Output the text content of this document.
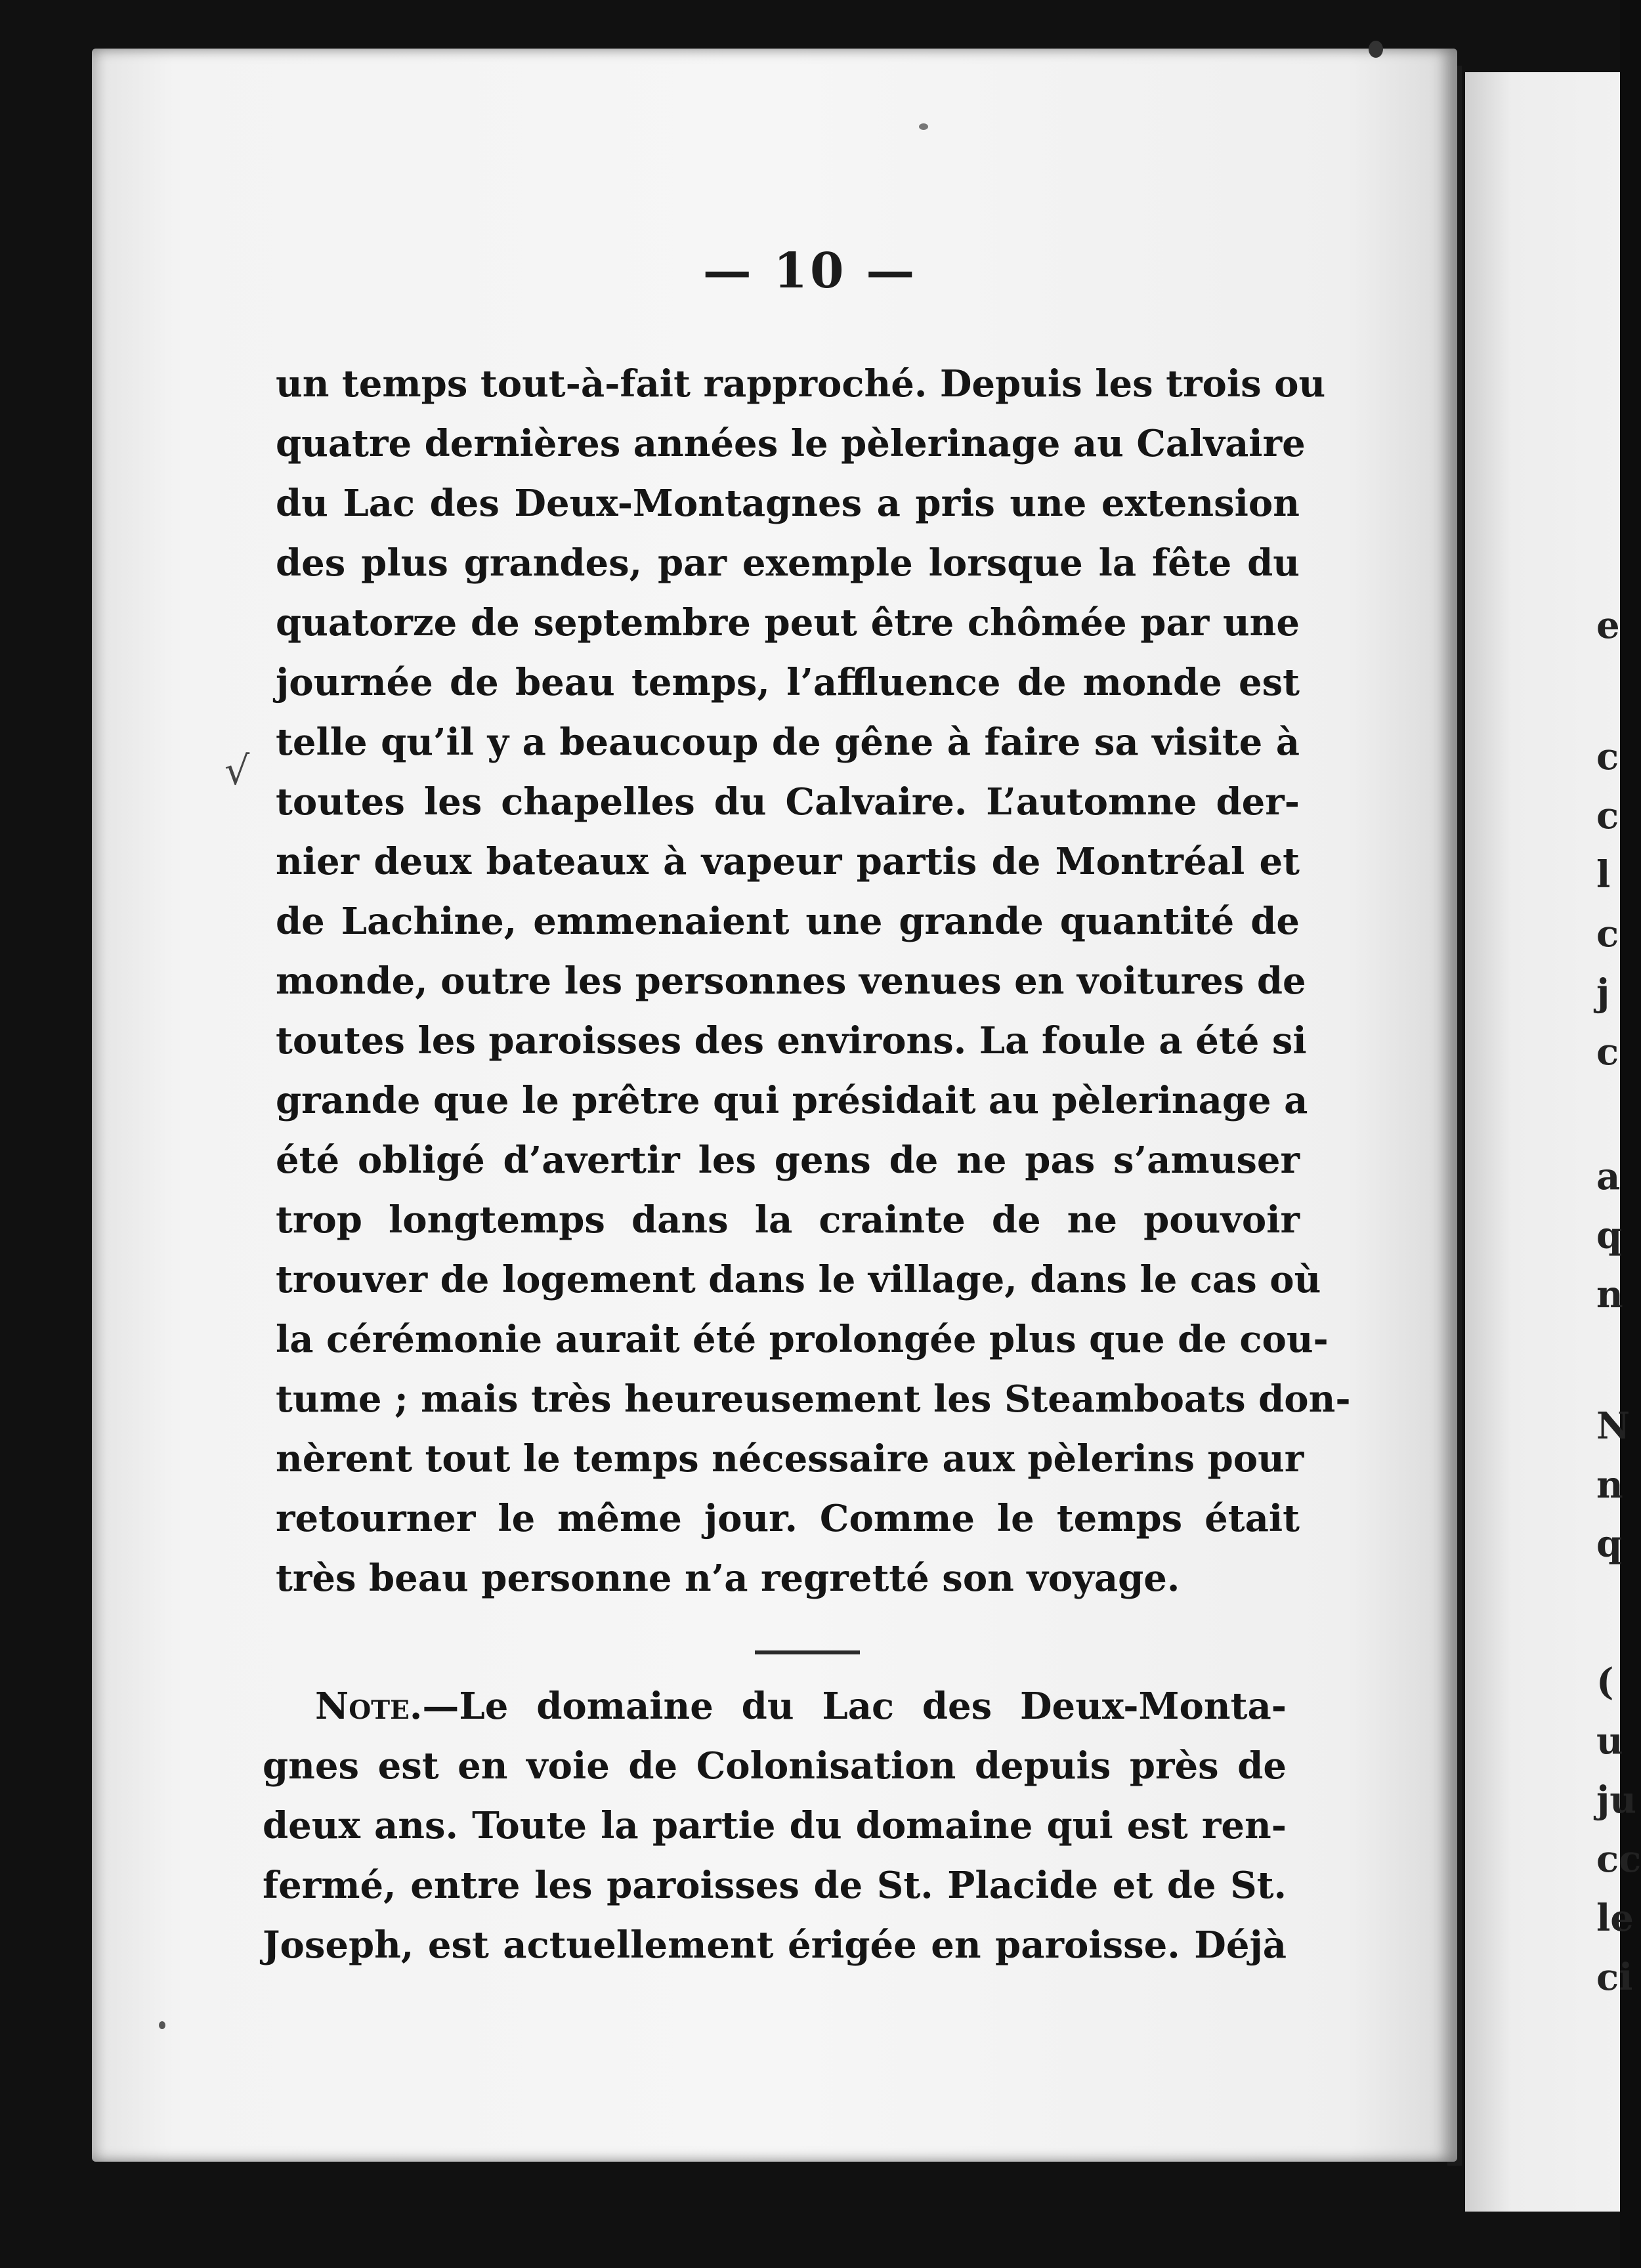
e
c
c
l
c
j
c
a
q
n
N
n
q
(
u
ju
cc
le
ci
— 10 —
√
un temps tout-à-fait rapproché. Depuis les trois ou
quatre dernières années le pèlerinage au Calvaire
du Lac des Deux-Montagnes a pris une extension
des plus grandes, par exemple lorsque la fête du
quatorze de septembre peut être chômée par une
journée de beau temps, l’affluence de monde est
telle qu’il y a beaucoup de gêne à faire sa visite à
toutes les chapelles du Calvaire. L’automne der-
nier deux bateaux à vapeur partis de Montréal et
de Lachine, emmenaient une grande quantité de
monde, outre les personnes venues en voitures de
toutes les paroisses des environs. La foule a été si
grande que le prêtre qui présidait au pèlerinage a
été obligé d’avertir les gens de ne pas s’amuser
trop longtemps dans la crainte de ne pouvoir
trouver de logement dans le village, dans le cas où
la cérémonie aurait été prolongée plus que de cou-
tume ; mais très heureusement les Steamboats don-
nèrent tout le temps nécessaire aux pèlerins pour
retourner le même jour. Comme le temps était
très beau personne n’a regretté son voyage.
Note.—Le domaine du Lac des Deux-Monta-
gnes est en voie de Colonisation depuis près de
deux ans. Toute la partie du domaine qui est ren-
fermé, entre les paroisses de St. Placide et de St.
Joseph, est actuellement érigée en paroisse. Déjà
